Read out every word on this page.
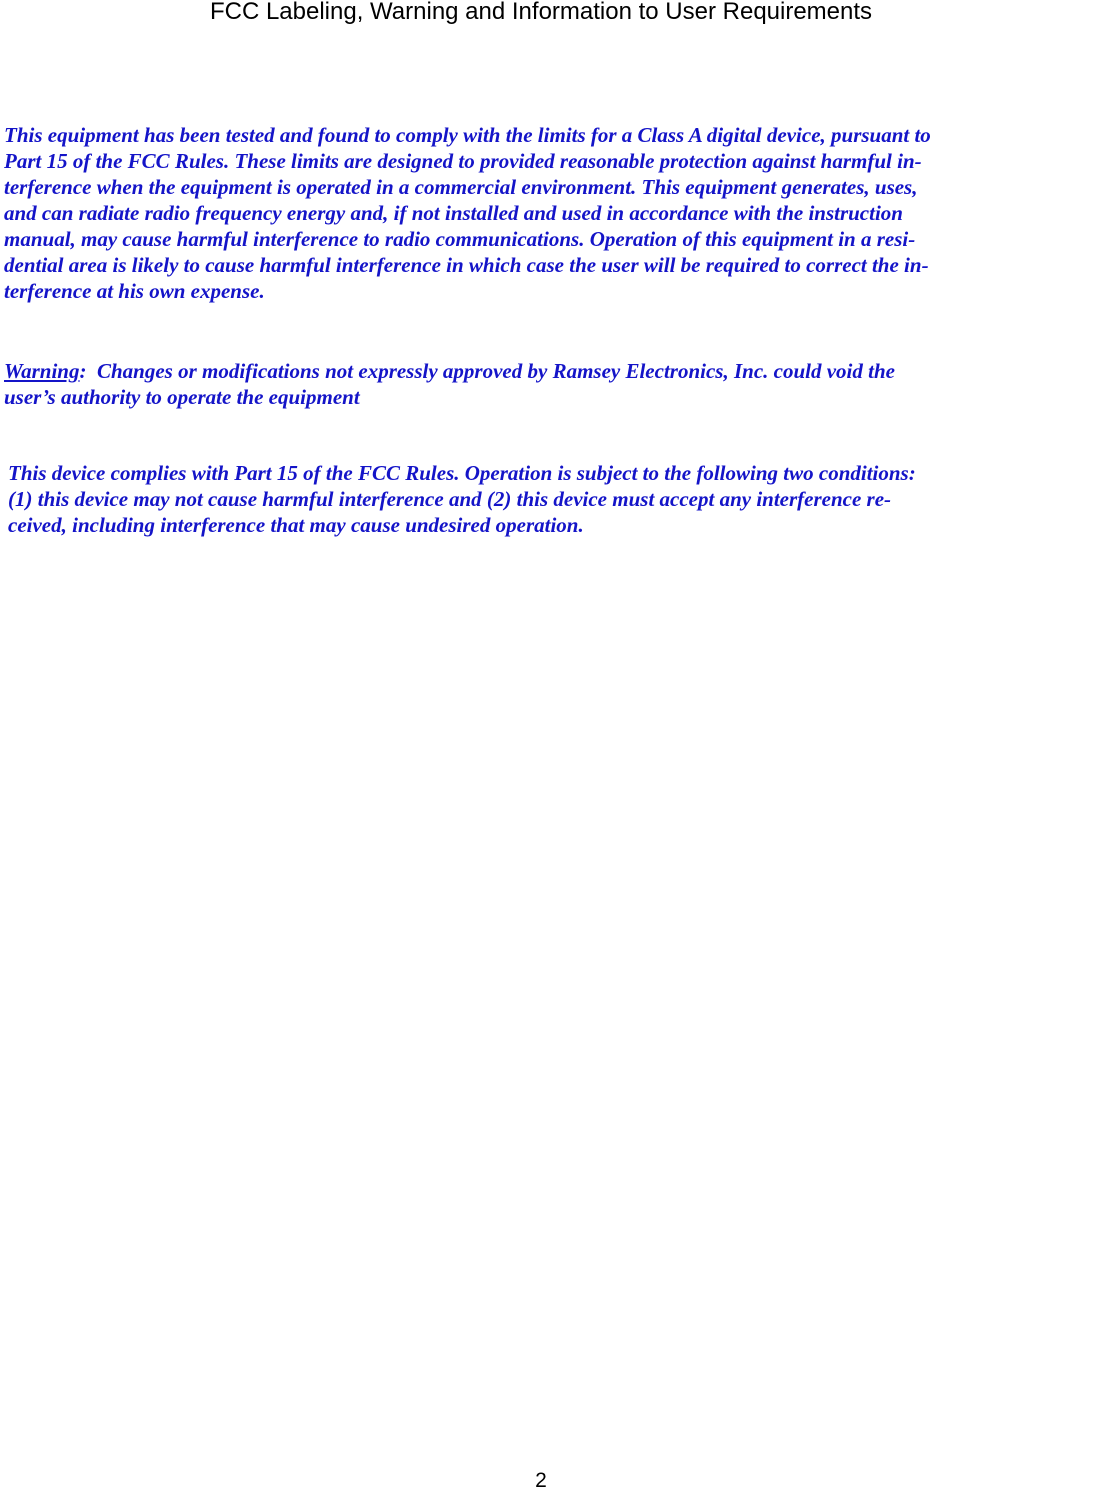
FCC Labeling, Warning and Information to User Requirements

This equipment has been tested and found to comply with the limits for a Class A digital device, pursuant to
Part 15 of the FCC Rules. These limits are designed to provided reasonable protection against harmful in-
terference when the equipment is operated in a commercial environment. This equipment generates, uses,
and can radiate radio frequency energy and, if not installed and used in accordance with the instruction
manual, may cause harmful interference to radio communications. Operation of this equipment in a resi-
dential area is likely to cause harmful interference in which case the user will be required to correct the in-
terference at his own expense.

Warning:  Changes or modifications not expressly approved by Ramsey Electronics, Inc. could void the
user’s authority to operate the equipment

This device complies with Part 15 of the FCC Rules. Operation is subject to the following two conditions:
(1) this device may not cause harmful interference and (2) this device must accept any interference re-
ceived, including interference that may cause undesired operation.

2
